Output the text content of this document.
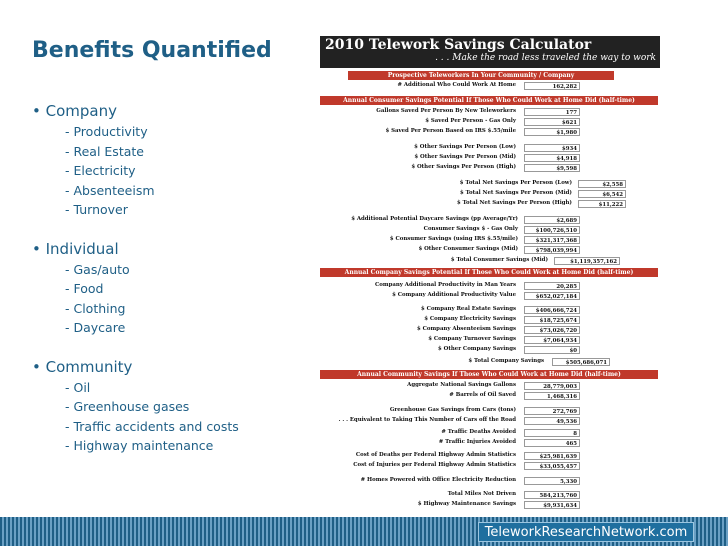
Benefits Quantified
• Company
- Productivity
- Real Estate
- Electricity
- Absenteeism
- Turnover
• Individual
- Gas/auto
- Food
- Clothing
- Daycare
• Community
- Oil
- Greenhouse gases
- Traffic accidents and costs
- Highway maintenance
2010 Telework Savings Calculator
. . . Make the road less traveled the way to work
Prospective Teleworkers In Your Community / Company
# Additional Who Could Work At Home	162,282
Annual Consumer Savings Potential If Those Who Could Work at Home Did (half-time)
Gallons Saved Per Person By New Teleworkers	177
$ Saved Per Person - Gas Only	$621
$ Saved Per Person Based on IRS $.55/mile	$1,980
$ Other Savings Per Person (Low)	$934
$ Other Savings Per Person (Mid)	$4,918
$ Other Savings Per Person (High)	$9,598
$ Total Net Savings Per Person (Low)	$2,558
$ Total Net Savings Per Person (Mid)	$6,542
$ Total Net Savings Per Person (High)	$11,222
$ Additional Potential Daycare Savings (pp Average/Yr)	$2,689
Consumer Savings $ - Gas Only	$100,726,510
$ Consumer Savings (using IRS $.55/mile)	$321,317,368
$ Other Consumer Savings (Mid)	$798,039,994
$ Total Consumer Savings (Mid)	$1,119,357,162
Annual Company Savings Potential If Those Who Could Work at Home Did (half-time)
Company Additional Productivity in Man Years	20,285
$ Company Additional Productivity Value	$652,027,184
$ Company Real Estate Savings	$406,666,724
$ Company Electricity Savings	$18,725,674
$ Company Absenteeism Savings	$73,026,720
$ Company Turnover Savings	$7,064,934
$ Other Company Savings	$0
$ Total Company Savings	$505,686,071
Annual Community Savings If Those Who Could Work at Home Did (half-time)
Aggregate National Savings Gallons	28,779,003
# Barrels of Oil Saved	1,468,316
Greenhouse Gas Savings from Cars (tons)	272,769
. . . Equivalent to Taking This Number of Cars off the Road	49,536
# Traffic Deaths Avoided	8
# Traffic Injuries Avoided	465
Cost of Deaths per Federal Highway Admin Statistics	$25,981,639
Cost of Injuries per Federal Highway Admin Statistics	$33,055,457
# Homes Powered with Office Electricity Reduction	5,330
Total Miles Not Driven	584,213,760
$ Highway Maintenance Savings	$9,931,634
TeleworkResearchNetwork.com
